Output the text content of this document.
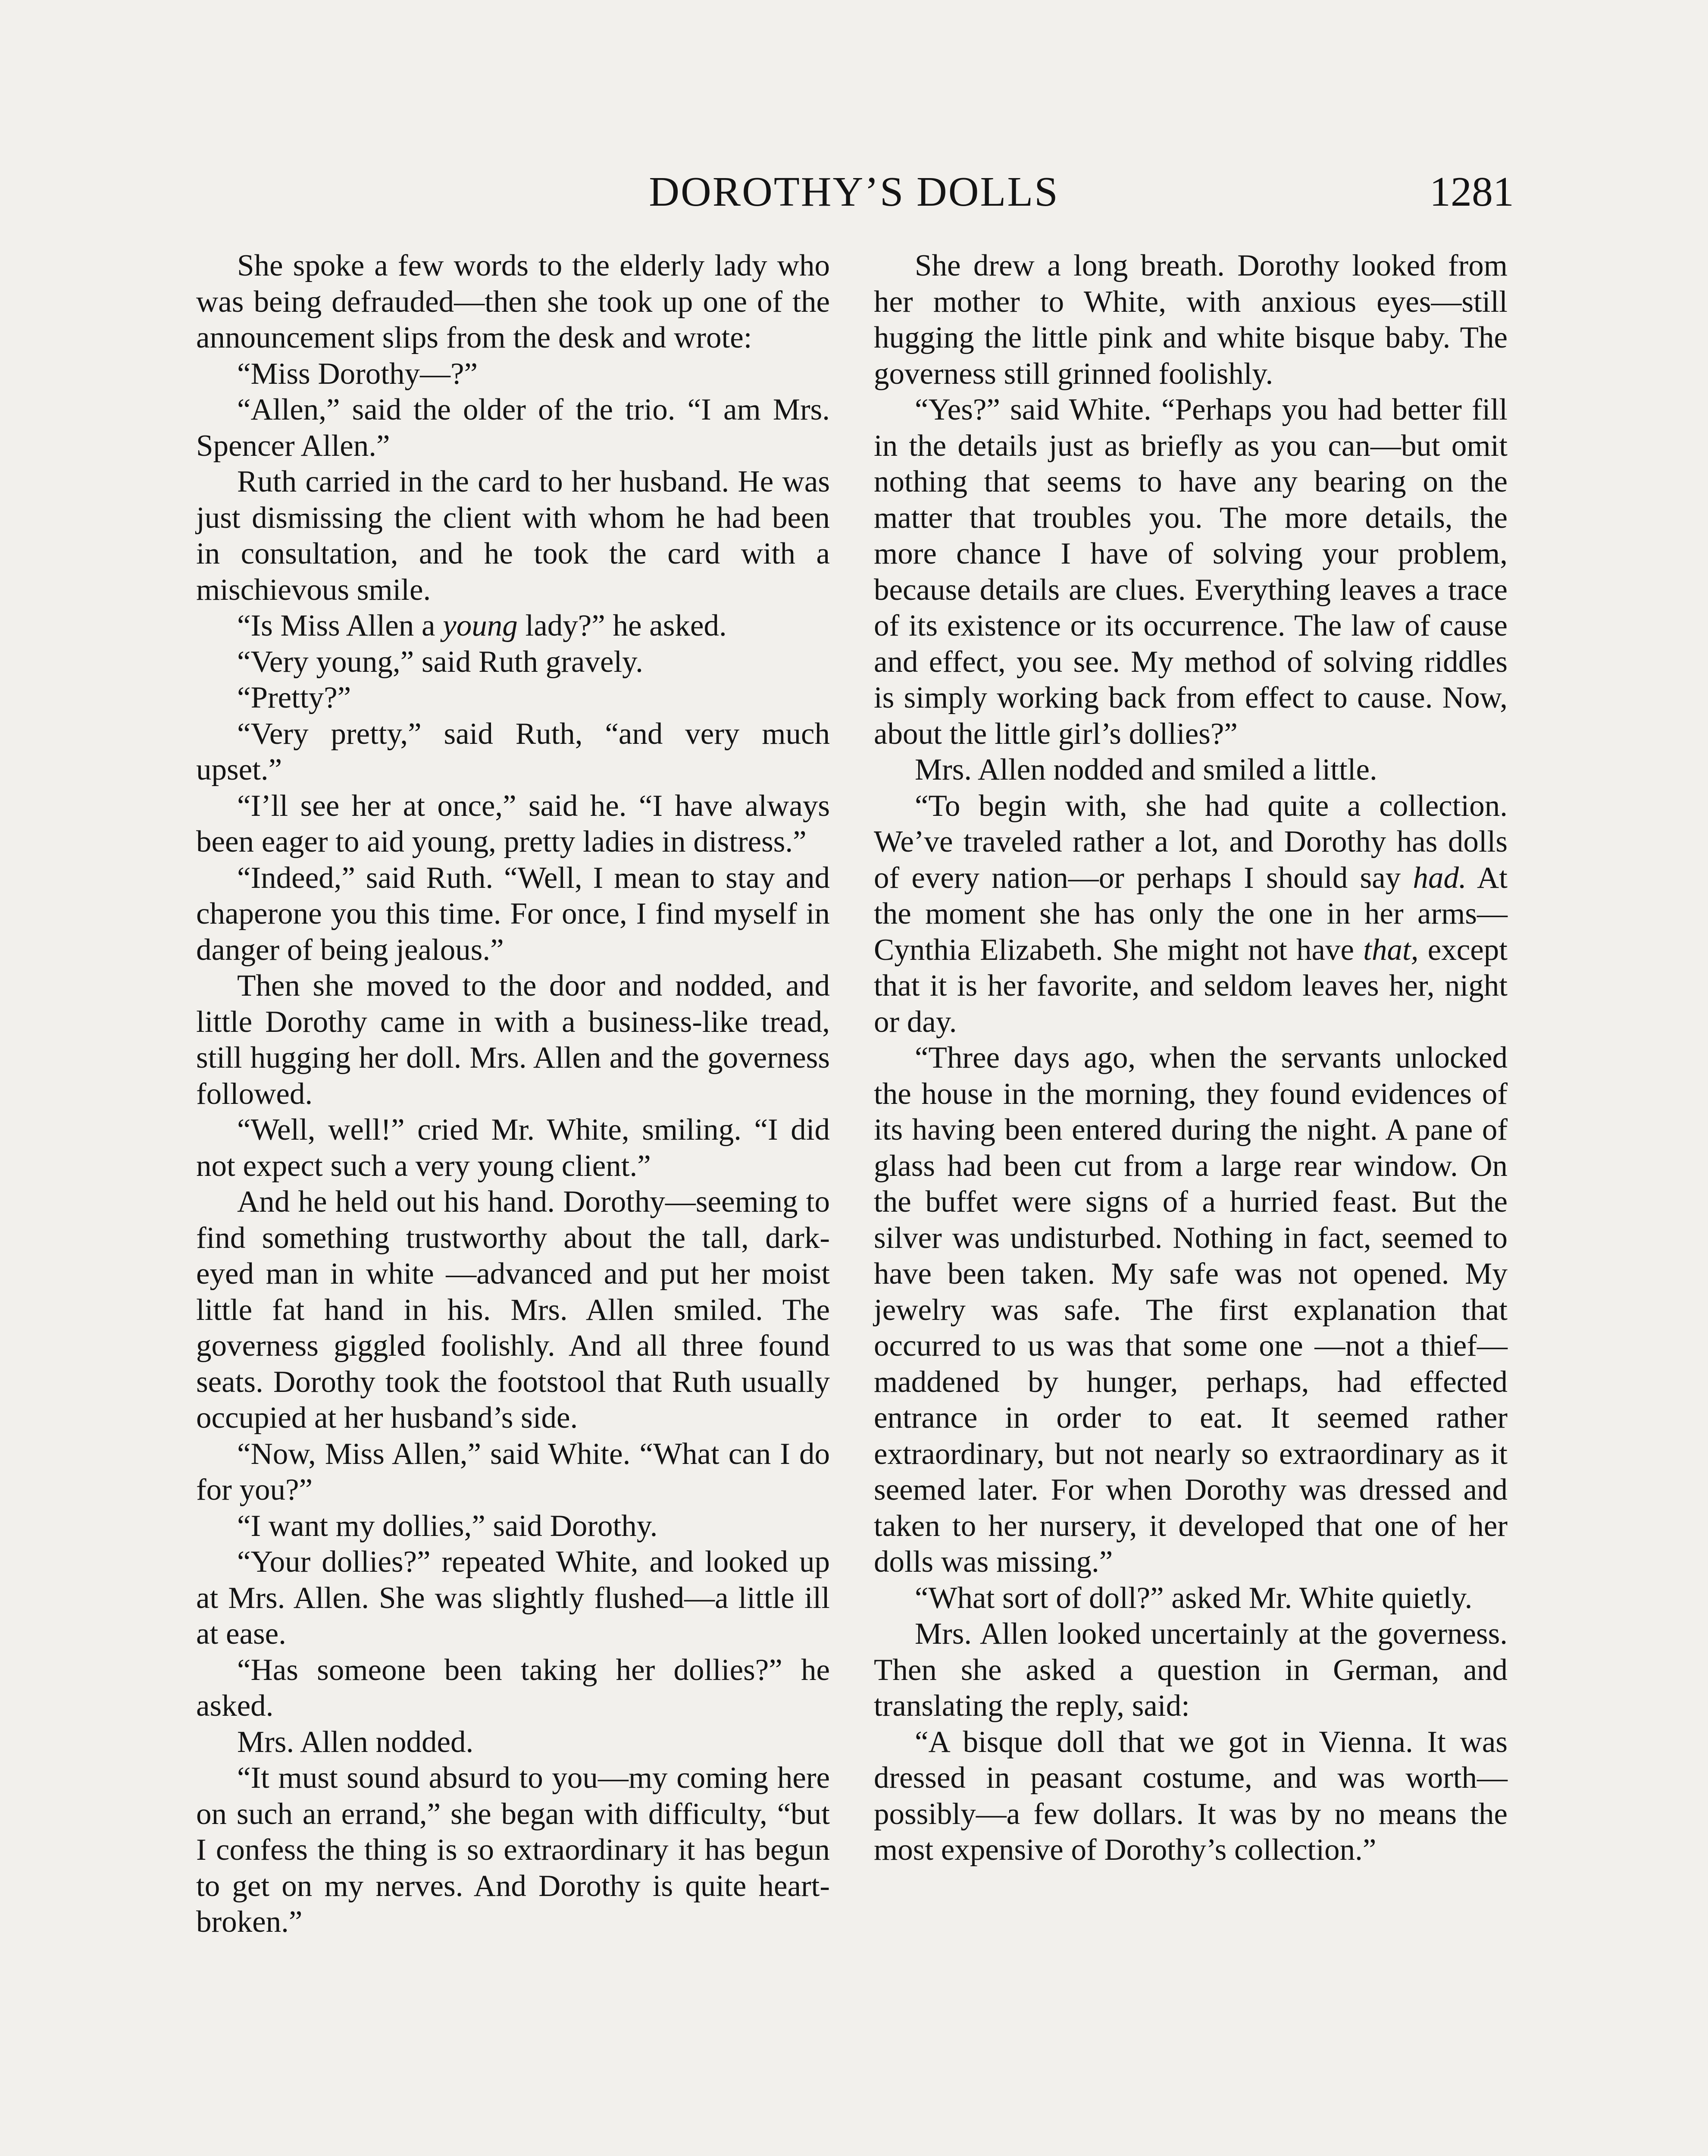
DOROTHY’S DOLLS	1281

She spoke a few words to the elderly lady who was being defrauded—then she took up one of the announcement slips from the desk and wrote:

“Miss Dorothy—?”

“Allen,” said the older of the trio. “I am Mrs. Spencer Allen.”

Ruth carried in the card to her husband. He was just dismissing the client with whom he had been in consultation, and he took the card with a mischievous smile.

“Is Miss Allen a young lady?” he asked.

“Very young,” said Ruth gravely.

“Pretty?”

“Very pretty,” said Ruth, “and very much upset.”

“I’ll see her at once,” said he. “I have always been eager to aid young, pretty ladies in distress.”

“Indeed,” said Ruth. “Well, I mean to stay and chaperone you this time. For once, I find myself in danger of being jealous.”

Then she moved to the door and nodded, and little Dorothy came in with a business-like tread, still hugging her doll. Mrs. Allen and the governess followed.

“Well, well!” cried Mr. White, smiling. “I did not expect such a very young client.”

And he held out his hand. Dorothy—seeming to find something trustworthy about the tall, dark-eyed man in white —advanced and put her moist little fat hand in his. Mrs. Allen smiled. The governess giggled foolishly. And all three found seats. Dorothy took the footstool that Ruth usually occupied at her husband’s side.

“Now, Miss Allen,” said White. “What can I do for you?”

“I want my dollies,” said Dorothy.

“Your dollies?” repeated White, and looked up at Mrs. Allen. She was slightly flushed—a little ill at ease.

“Has someone been taking her dollies?” he asked.

Mrs. Allen nodded.

“It must sound absurd to you—my coming here on such an errand,” she began with difficulty, “but I confess the thing is so extraordinary it has begun to get on my nerves. And Dorothy is quite heart-broken.”

She drew a long breath. Dorothy looked from her mother to White, with anxious eyes—still hugging the little pink and white bisque baby. The governess still grinned foolishly.

“Yes?” said White. “Perhaps you had better fill in the details just as briefly as you can—but omit nothing that seems to have any bearing on the matter that troubles you. The more details, the more chance I have of solving your problem, because details are clues. Everything leaves a trace of its existence or its occurrence. The law of cause and effect, you see. My method of solving riddles is simply working back from effect to cause. Now, about the little girl’s dollies?”

Mrs. Allen nodded and smiled a little.

“To begin with, she had quite a collection. We’ve traveled rather a lot, and Dorothy has dolls of every nation—or perhaps I should say had. At the moment she has only the one in her arms—Cynthia Elizabeth. She might not have that, except that it is her favorite, and seldom leaves her, night or day.

“Three days ago, when the servants unlocked the house in the morning, they found evidences of its having been entered during the night. A pane of glass had been cut from a large rear window. On the buffet were signs of a hurried feast. But the silver was undisturbed. Nothing in fact, seemed to have been taken. My safe was not opened. My jewelry was safe. The first explanation that occurred to us was that some one —not a thief—maddened by hunger, perhaps, had effected entrance in order to eat. It seemed rather extraordinary, but not nearly so extraordinary as it seemed later. For when Dorothy was dressed and taken to her nursery, it developed that one of her dolls was missing.”

“What sort of doll?” asked Mr. White quietly.

Mrs. Allen looked uncertainly at the governess. Then she asked a question in German, and translating the reply, said:

“A bisque doll that we got in Vienna. It was dressed in peasant costume, and was worth—possibly—a few dollars. It was by no means the most expensive of Dorothy’s collection.”
